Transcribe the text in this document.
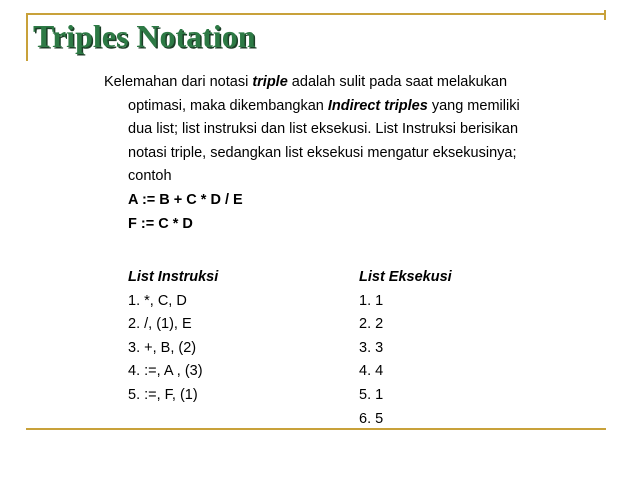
Triples Notation
Kelemahan dari notasi triple adalah sulit pada saat melakukan
optimasi, maka dikembangkan Indirect triples yang memiliki
dua list; list instruksi dan list eksekusi. List Instruksi berisikan
notasi triple, sedangkan list eksekusi mengatur eksekusinya;
contoh
A := B + C * D / E
F := C * D
List Instruksi
1. *, C, D
2. /, (1), E
3. +, B, (2)
4. :=, A , (3)
5. :=, F, (1)
List Eksekusi
1. 1
2. 2
3. 3
4. 4
5. 1
6. 5
